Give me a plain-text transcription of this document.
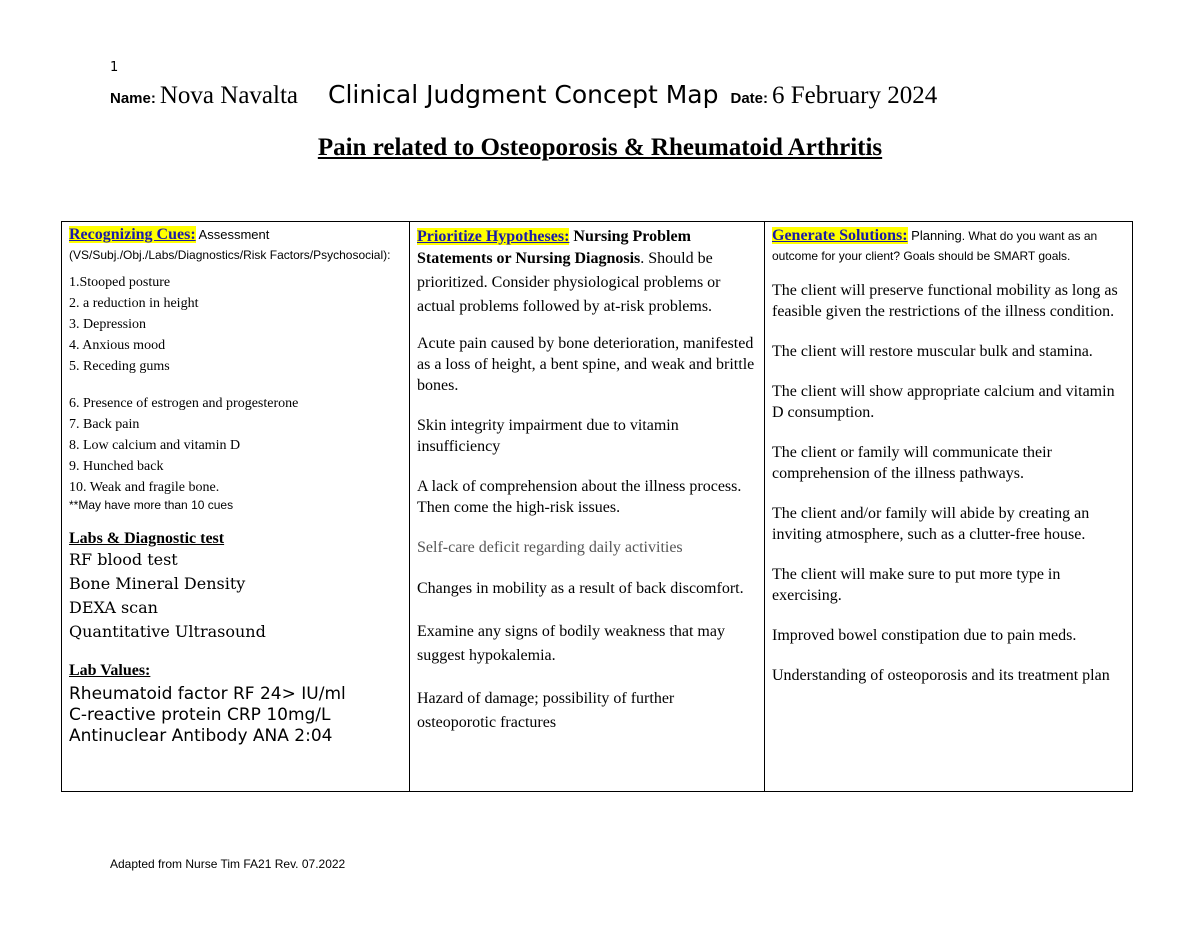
1
Name: Nova Navalta Clinical Judgment Concept Map Date: 6 February 2024
Pain related to Osteoporosis & Rheumatoid Arthritis
Recognizing Cues: Assessment
(VS/Subj./Obj./Labs/Diagnostics/Risk Factors/Psychosocial):
1.Stooped posture
2. a reduction in height
3. Depression
4. Anxious mood
5. Receding gums
6. Presence of estrogen and progesterone
7. Back pain
8. Low calcium and vitamin D
9. Hunched back
10. Weak and fragile bone.
**May have more than 10 cues
Labs & Diagnostic test
RF blood test
Bone Mineral Density
DEXA scan
Quantitative Ultrasound
Lab Values:
Rheumatoid factor RF 24> IU/ml
C-reactive protein CRP 10mg/L
Antinuclear Antibody ANA 2:04

Prioritize Hypotheses: Nursing Problem Statements or Nursing Diagnosis. Should be prioritized. Consider physiological problems or actual problems followed by at-risk problems.
Acute pain caused by bone deterioration, manifested as a loss of height, a bent spine, and weak and brittle bones.
Skin integrity impairment due to vitamin insufficiency
A lack of comprehension about the illness process. Then come the high-risk issues.
Self-care deficit regarding daily activities
Changes in mobility as a result of back discomfort.
Examine any signs of bodily weakness that may suggest hypokalemia.
Hazard of damage; possibility of further osteoporotic fractures

Generate Solutions: Planning. What do you want as an outcome for your client? Goals should be SMART goals.
The client will preserve functional mobility as long as feasible given the restrictions of the illness condition.
The client will restore muscular bulk and stamina.
The client will show appropriate calcium and vitamin D consumption.
The client or family will communicate their comprehension of the illness pathways.
The client and/or family will abide by creating an inviting atmosphere, such as a clutter-free house.
The client will make sure to put more type in exercising.
Improved bowel constipation due to pain meds.
Understanding of osteoporosis and its treatment plan
Adapted from Nurse Tim FA21 Rev. 07.2022
